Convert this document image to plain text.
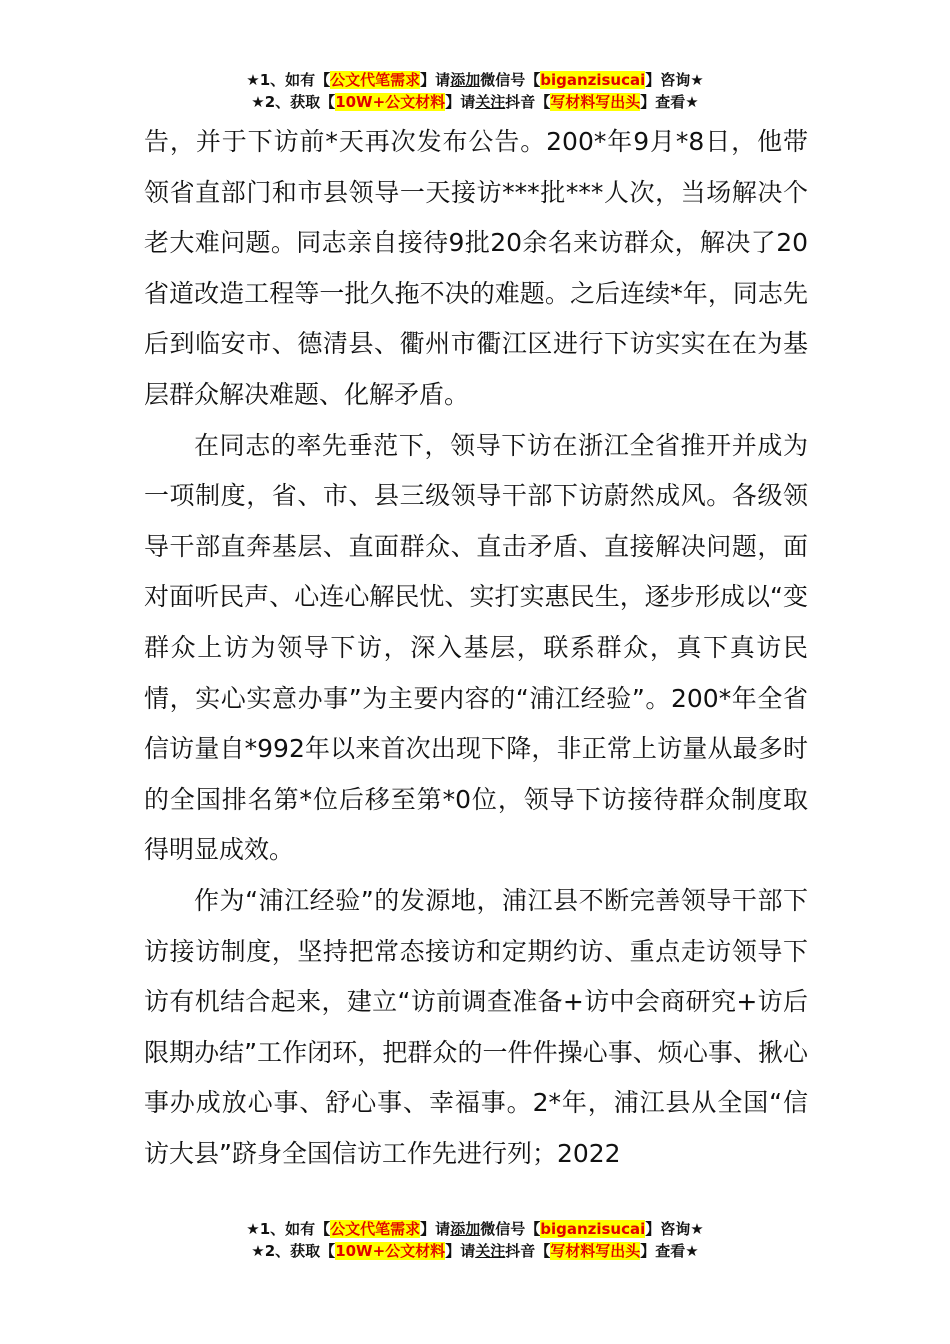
★1、如有【公文代笔需求】请添加微信号【biganzisucai】咨询★
★2、获取【10W+公文材料】请关注抖音【写材料写出头】查看★

告，并于下访前*天再次发布公告。200*年9月*8日，他带领省直部门和市县领导一天接访***批***人次，当场解决个老大难问题。同志亲自接待9批20余名来访群众，解决了20省道改造工程等一批久拖不决的难题。之后连续*年，同志先后到临安市、德清县、衢州市衢江区进行下访实实在在为基层群众解决难题、化解矛盾。

在同志的率先垂范下，领导下访在浙江全省推开并成为一项制度，省、市、县三级领导干部下访蔚然成风。各级领导干部直奔基层、直面群众、直击矛盾、直接解决问题，面对面听民声、心连心解民忧、实打实惠民生，逐步形成以“变群众上访为领导下访，深入基层，联系群众，真下真访民情，实心实意办事”为主要内容的“浦江经验”。200*年全省信访量自*992年以来首次出现下降，非正常上访量从最多时的全国排名第*位后移至第*0位，领导下访接待群众制度取得明显成效。

作为“浦江经验”的发源地，浦江县不断完善领导干部下访接访制度，坚持把常态接访和定期约访、重点走访领导下访有机结合起来，建立“访前调查准备+访中会商研究+访后限期办结”工作闭环，把群众的一件件操心事、烦心事、揪心事办成放心事、舒心事、幸福事。2*年，浦江县从全国“信访大县”跻身全国信访工作先进行列；2022

★1、如有【公文代笔需求】请添加微信号【biganzisucai】咨询★
★2、获取【10W+公文材料】请关注抖音【写材料写出头】查看★
